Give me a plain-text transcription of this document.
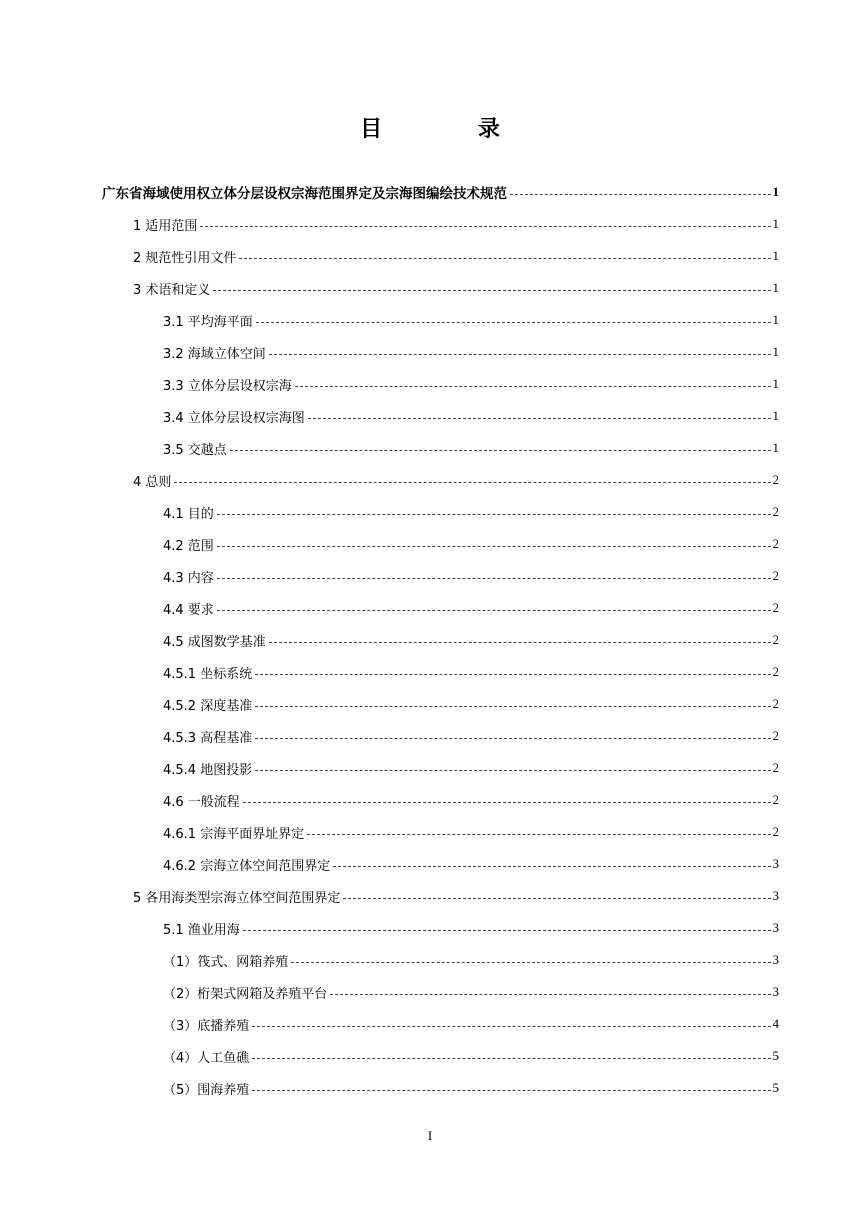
目 录
广东省海域使用权立体分层设权宗海范围界定及宗海图编绘技术规范	1
1 适用范围	1
2 规范性引用文件	1
3 术语和定义	1
3.1 平均海平面	1
3.2 海域立体空间	1
3.3 立体分层设权宗海	1
3.4 立体分层设权宗海图	1
3.5 交越点	1
4 总则	2
4.1 目的	2
4.2 范围	2
4.3 内容	2
4.4 要求	2
4.5 成图数学基准	2
4.5.1 坐标系统	2
4.5.2 深度基准	2
4.5.3 高程基准	2
4.5.4 地图投影	2
4.6 一般流程	2
4.6.1 宗海平面界址界定	2
4.6.2 宗海立体空间范围界定	3
5 各用海类型宗海立体空间范围界定	3
5.1 渔业用海	3
（1）筏式、网箱养殖	3
（2）桁架式网箱及养殖平台	3
（3）底播养殖	4
（4）人工鱼礁	5
（5）围海养殖	5
I
